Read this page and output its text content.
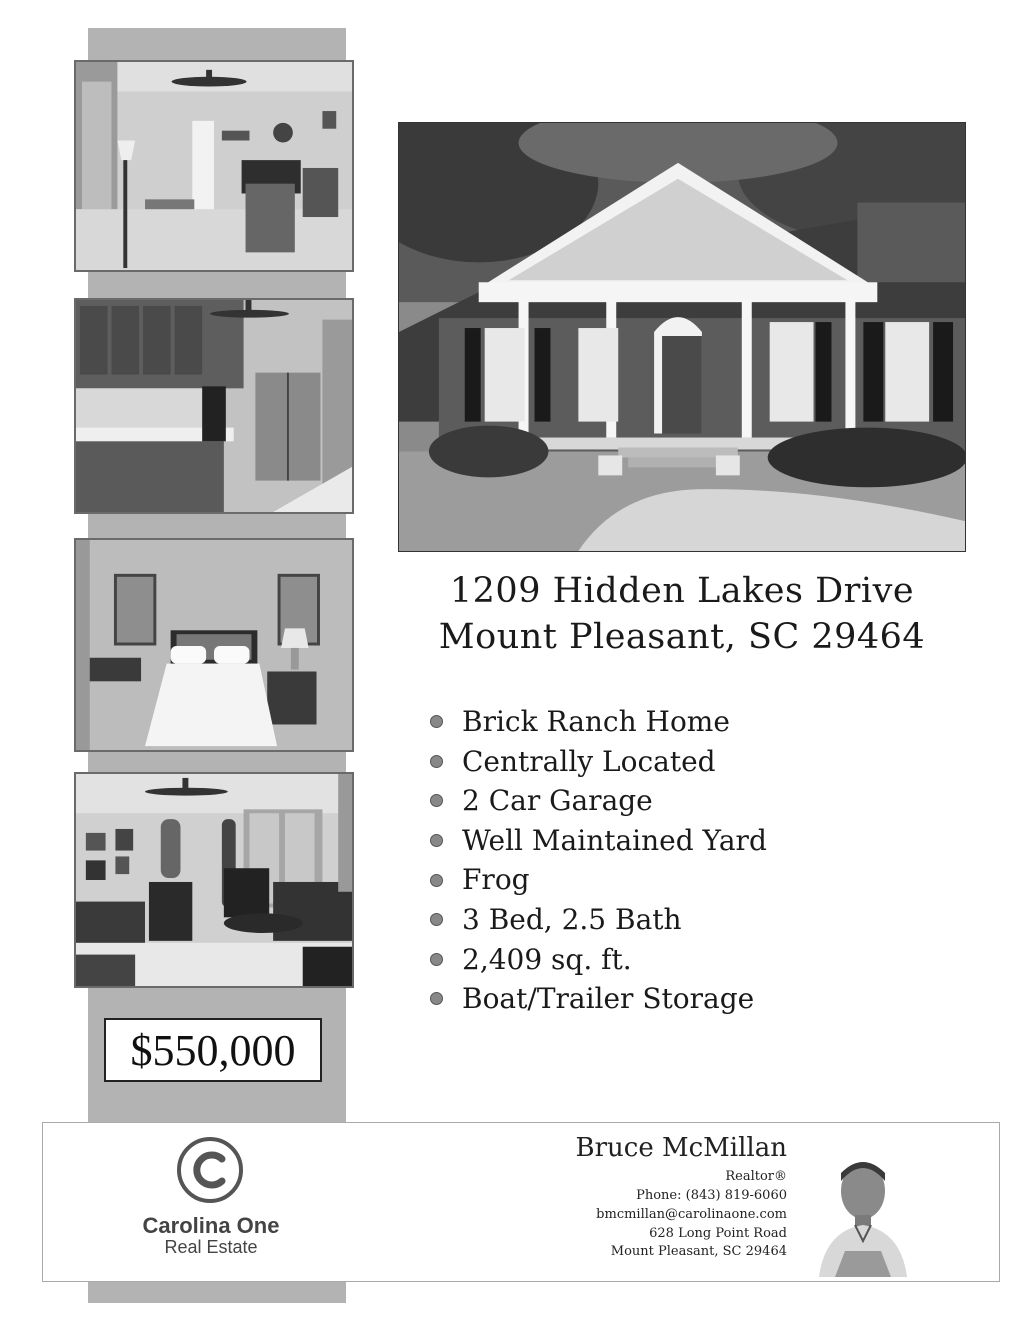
$550,000
1209 Hidden Lakes Drive
Mount Pleasant, SC 29464
Brick Ranch Home
Centrally Located
2 Car Garage
Well Maintained Yard
Frog
3 Bed, 2.5 Bath
2,409 sq. ft.
Boat/Trailer Storage
Carolina One
Real Estate
Bruce McMillan
Realtor®
Phone: (843) 819-6060
bmcmillan@carolinaone.com
628 Long Point Road
Mount Pleasant, SC 29464
